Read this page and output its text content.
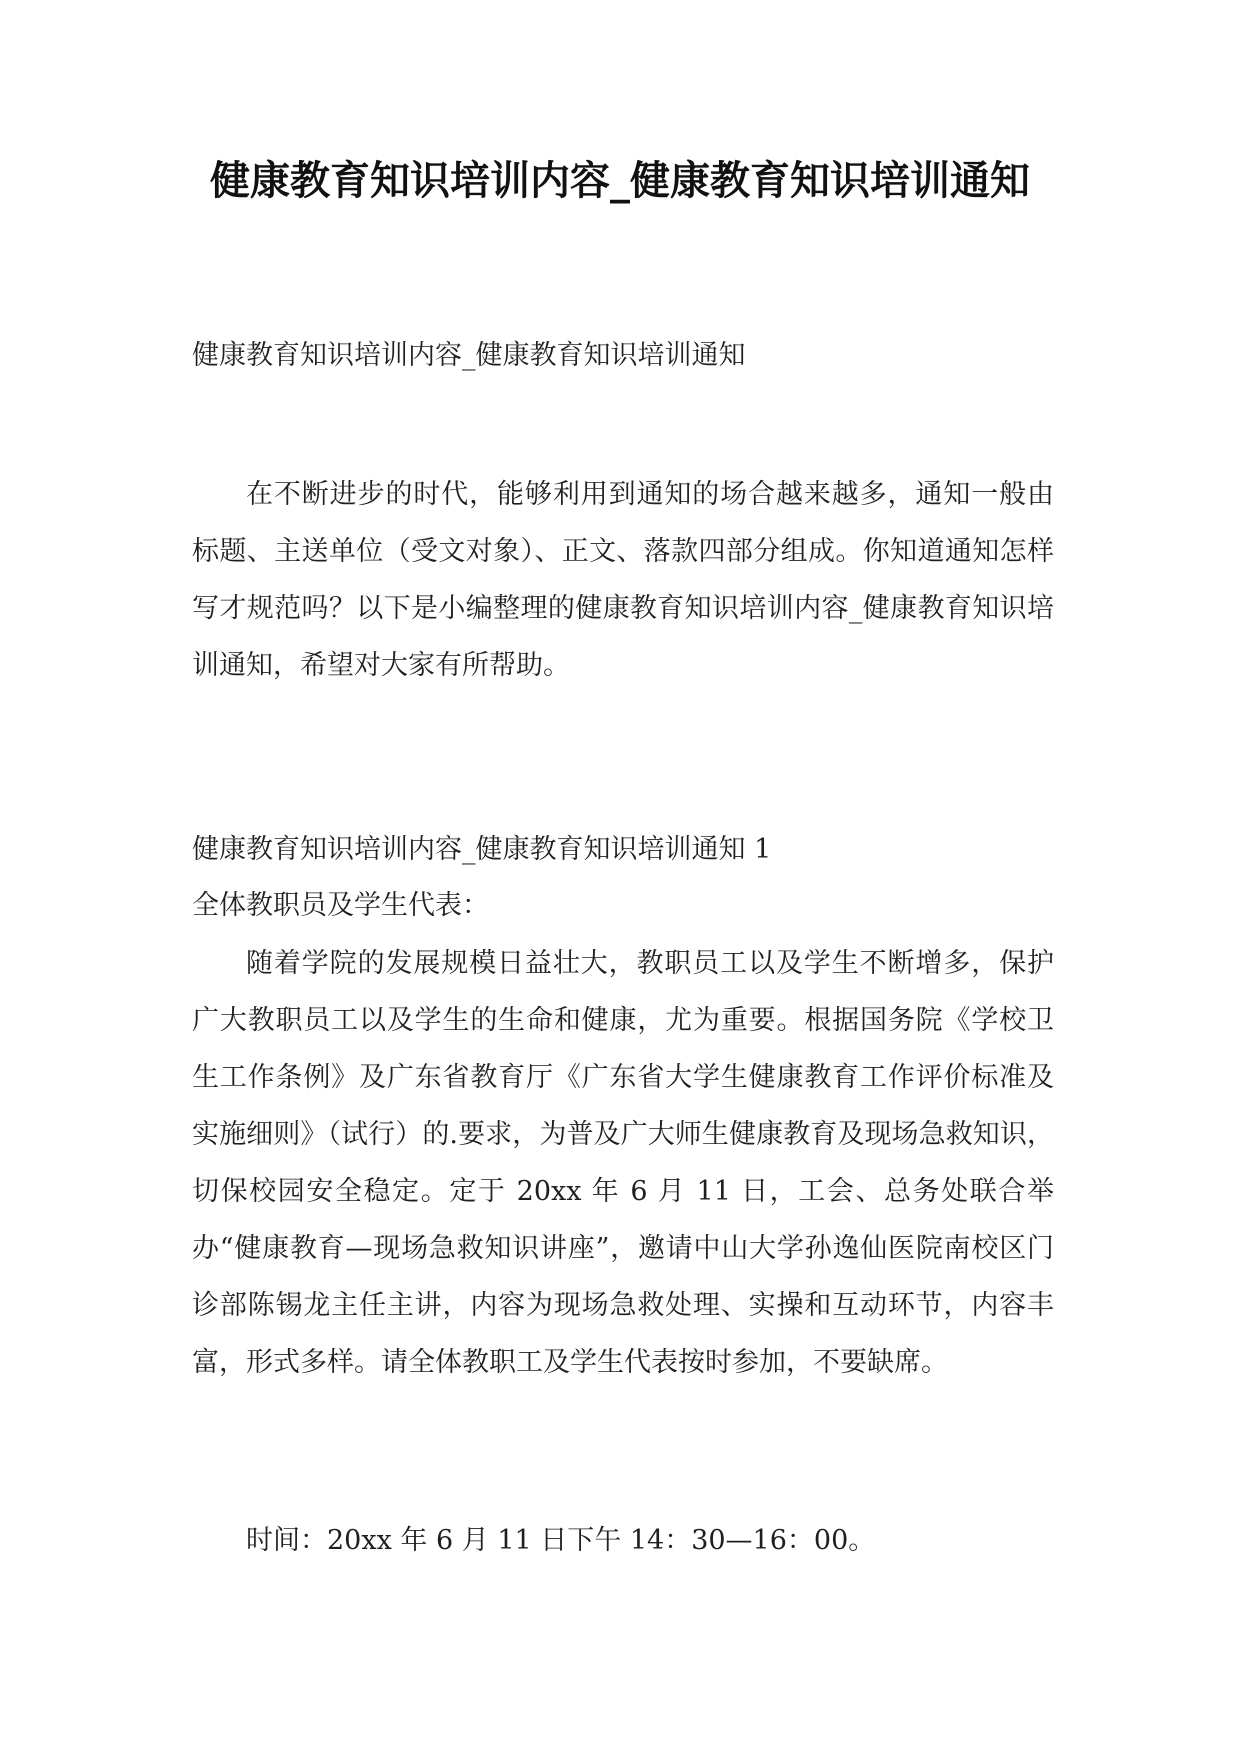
健康教育知识培训内容_健康教育知识培训通知

健康教育知识培训内容_健康教育知识培训通知

在不断进步的时代，能够利用到通知的场合越来越多，通知一般由标题、主送单位（受文对象）、正文、落款四部分组成。你知道通知怎样写才规范吗？以下是小编整理的健康教育知识培训内容_健康教育知识培训通知，希望对大家有所帮助。

健康教育知识培训内容_健康教育知识培训通知 1

全体教职员及学生代表：

随着学院的发展规模日益壮大，教职员工以及学生不断增多，保护广大教职员工以及学生的生命和健康，尤为重要。根据国务院《学校卫生工作条例》及广东省教育厅《广东省大学生健康教育工作评价标准及实施细则》（试行）的.要求，为普及广大师生健康教育及现场急救知识，切保校园安全稳定。定于 20xx 年 6 月 11 日，工会、总务处联合举办“健康教育—现场急救知识讲座”，邀请中山大学孙逸仙医院南校区门诊部陈锡龙主任主讲，内容为现场急救处理、实操和互动环节，内容丰富，形式多样。请全体教职工及学生代表按时参加，不要缺席。

时间：20xx 年 6 月 11 日下午 14：30—16：00。
